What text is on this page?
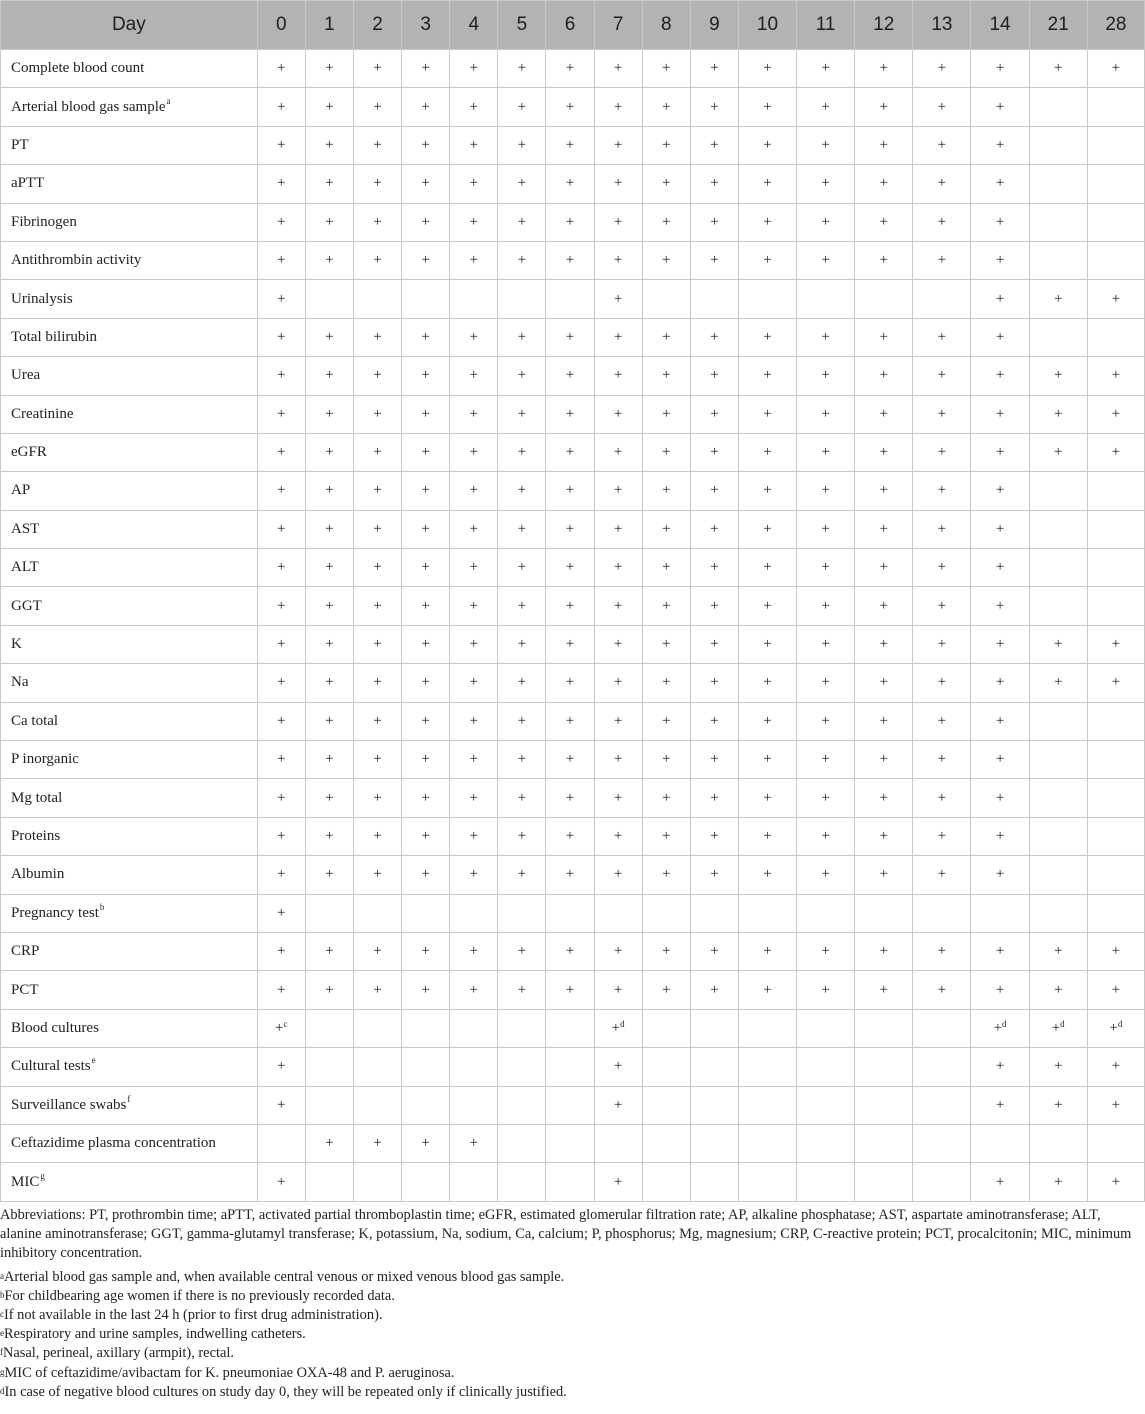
Day	0	1	2	3	4	5	6	7	8	9	10	11	12	13	14	21	28
Complete blood count	+	+	+	+	+	+	+	+	+	+	+	+	+	+	+	+	+
Arterial blood gas sample$^a$	+	+	+	+	+	+	+	+	+	+	+	+	+	+	+		
PT	+	+	+	+	+	+	+	+	+	+	+	+	+	+	+		
aPTT	+	+	+	+	+	+	+	+	+	+	+	+	+	+	+		
Fibrinogen	+	+	+	+	+	+	+	+	+	+	+	+	+	+	+		
Antithrombin activity	+	+	+	+	+	+	+	+	+	+	+	+	+	+	+		
Urinalysis	+							+							+	+	+
Total bilirubin	+	+	+	+	+	+	+	+	+	+	+	+	+	+	+		
Urea	+	+	+	+	+	+	+	+	+	+	+	+	+	+	+	+	+
Creatinine	+	+	+	+	+	+	+	+	+	+	+	+	+	+	+	+	+
eGFR	+	+	+	+	+	+	+	+	+	+	+	+	+	+	+	+	+
AP	+	+	+	+	+	+	+	+	+	+	+	+	+	+	+		
AST	+	+	+	+	+	+	+	+	+	+	+	+	+	+	+		
ALT	+	+	+	+	+	+	+	+	+	+	+	+	+	+	+		
GGT	+	+	+	+	+	+	+	+	+	+	+	+	+	+	+		
K	+	+	+	+	+	+	+	+	+	+	+	+	+	+	+	+	+
Na	+	+	+	+	+	+	+	+	+	+	+	+	+	+	+	+	+
Ca total	+	+	+	+	+	+	+	+	+	+	+	+	+	+	+		
P inorganic	+	+	+	+	+	+	+	+	+	+	+	+	+	+	+		
Mg total	+	+	+	+	+	+	+	+	+	+	+	+	+	+	+		
Proteins	+	+	+	+	+	+	+	+	+	+	+	+	+	+	+		
Albumin	+	+	+	+	+	+	+	+	+	+	+	+	+	+	+		
Pregnancy test$^b$	+																
CRP	+	+	+	+	+	+	+	+	+	+	+	+	+	+	+	+	+
PCT	+	+	+	+	+	+	+	+	+	+	+	+	+	+	+	+	+
Blood cultures	+$^c$							+$^d$							+$^d$	+$^d$	+$^d$
Cultural tests$^e$	+							+							+	+	+
Surveillance swabs$^f$	+							+							+	+	+
Ceftazidime plasma concentration		+	+	+	+												
$MIC^g$	+							+							+	+	+

Abbreviations: PT, prothrombin time; aPTT, activated partial thromboplastin time; eGFR, estimated glomerular filtration rate; AP, alkaline phosphatase; AST, aspartate aminotransferase; ALT, alanine aminotransferase; GGT, gamma-glutamyl transferase; K, potassium, Na, sodium, Ca, calcium; P, phosphorus; Mg, magnesium; CRP, C-reactive protein; PCT, procalcitonin; MIC, minimum inhibitory concentration.

$^a$Arterial blood gas sample and, when available central venous or mixed venous blood gas sample.

$^b$For childbearing age women if there is no previously recorded data.

$^c$If not available in the last 24 h (prior to first drug administration).

$^e$Respiratory and urine samples, indwelling catheters.

$^f$Nasal, perineal, axillary (armpit), rectal.

$^g$MIC of ceftazidime/avibactam for K. pneumoniae OXA-48 and P. aeruginosa.

$^d$In case of negative blood cultures on study day 0, they will be repeated only if clinically justified.
